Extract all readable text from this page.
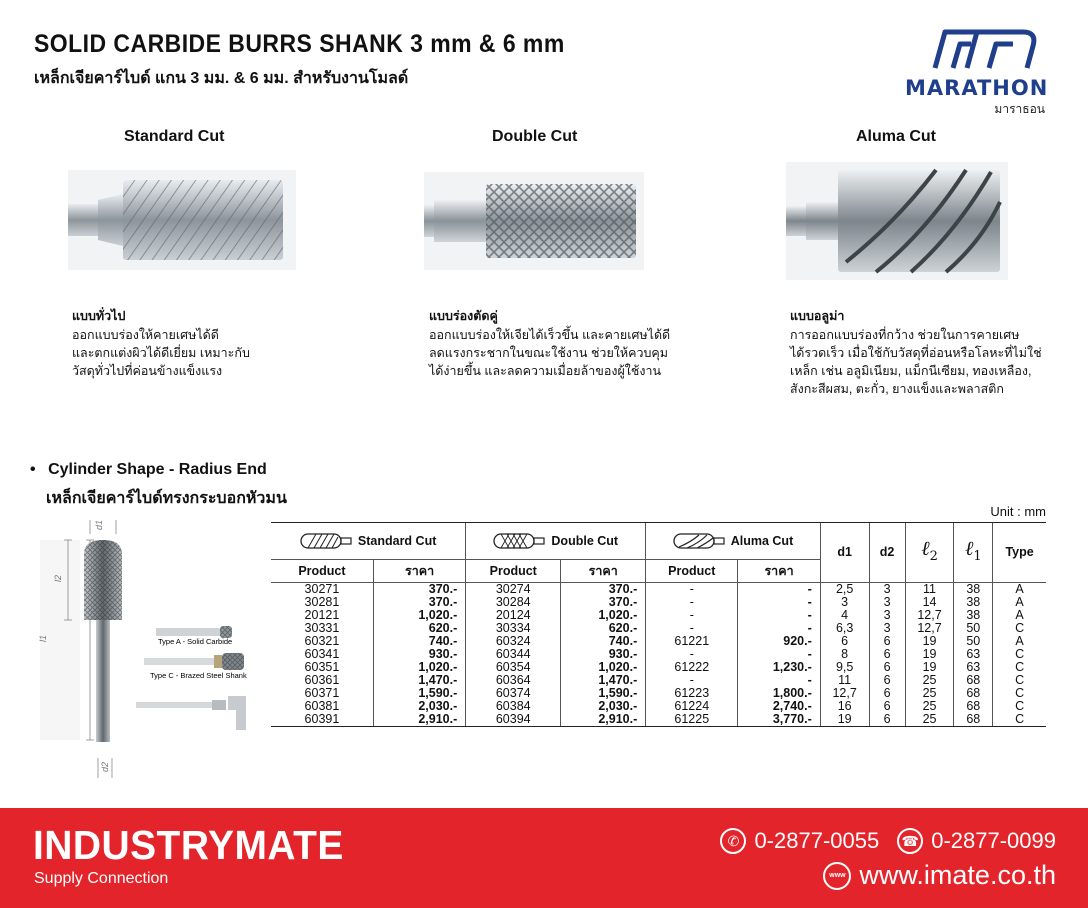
SOLID CARBIDE BURRS SHANK 3 mm & 6 mm
เหล็กเจียคาร์ไบด์ แกน 3 มม. & 6 มม. สำหรับงานโมลด์	MARATHON
มาราธอน
Standard Cut	Double Cut	Aluma Cut
แบบทั่วไป
ออกแบบร่องให้คายเศษได้ดี
และตกแต่งผิวได้ดีเยี่ยม เหมาะกับ
วัสดุทั่วไปที่ค่อนข้างแข็งแรง
แบบร่องตัดคู่
ออกแบบร่องให้เจียได้เร็วขึ้น และคายเศษได้ดี
ลดแรงกระชากในขณะใช้งาน ช่วยให้ควบคุม
ได้ง่ายขึ้น และลดความเมื่อยล้าของผู้ใช้งาน
แบบอลูม่า
การออกแบบร่องที่กว้าง ช่วยในการคายเศษ
ได้รวดเร็ว เมื่อใช้กับวัสดุที่อ่อนหรือโลหะที่ไม่ใช่
เหล็ก เช่น อลูมิเนียม, แม็กนีเซียม, ทองเหลือง,
สังกะสีผสม, ตะกั่ว, ยางแข็งและพลาสติก
• Cylinder Shape - Radius End
เหล็กเจียคาร์ไบด์ทรงกระบอกหัวมน
Unit : mm
d1
l2
l1
d2
Type A - Solid Carbide
Type C - Brazed Steel Shank
Standard Cut		Double Cut		Aluma Cut		d1	d2	ℓ$_2$	ℓ$_1$	Type
Product	ราคา	Product	ราคา	Product	ราคา					
30271	370.-	30274	370.-	-	-	2,5	3	11	38	A
30281	370.-	30284	370.-	-	-	3	3	14	38	A
20121	1,020.-	20124	1,020.-	-	-	4	3	12,7	38	A
30331	620.-	30334	620.-	-	-	6,3	3	12,7	50	C
60321	740.-	60324	740.-	61221	920.-	6	6	19	50	A
60341	930.-	60344	930.-	-	-	8	6	19	63	C
60351	1,020.-	60354	1,020.-	61222	1,230.-	9,5	6	19	63	C
60361	1,470.-	60364	1,470.-	-	-	11	6	25	68	C
60371	1,590.-	60374	1,590.-	61223	1,800.-	12,7	6	25	68	C
60381	2,030.-	60384	2,030.-	61224	2,740.-	16	6	25	68	C
60391	2,910.-	60394	2,910.-	61225	3,770.-	19	6	25	68	C
INDUSTRYMATE
Supply Connection
✆ 0-2877-0055	☎ 0-2877-0099
www www.imate.co.th
